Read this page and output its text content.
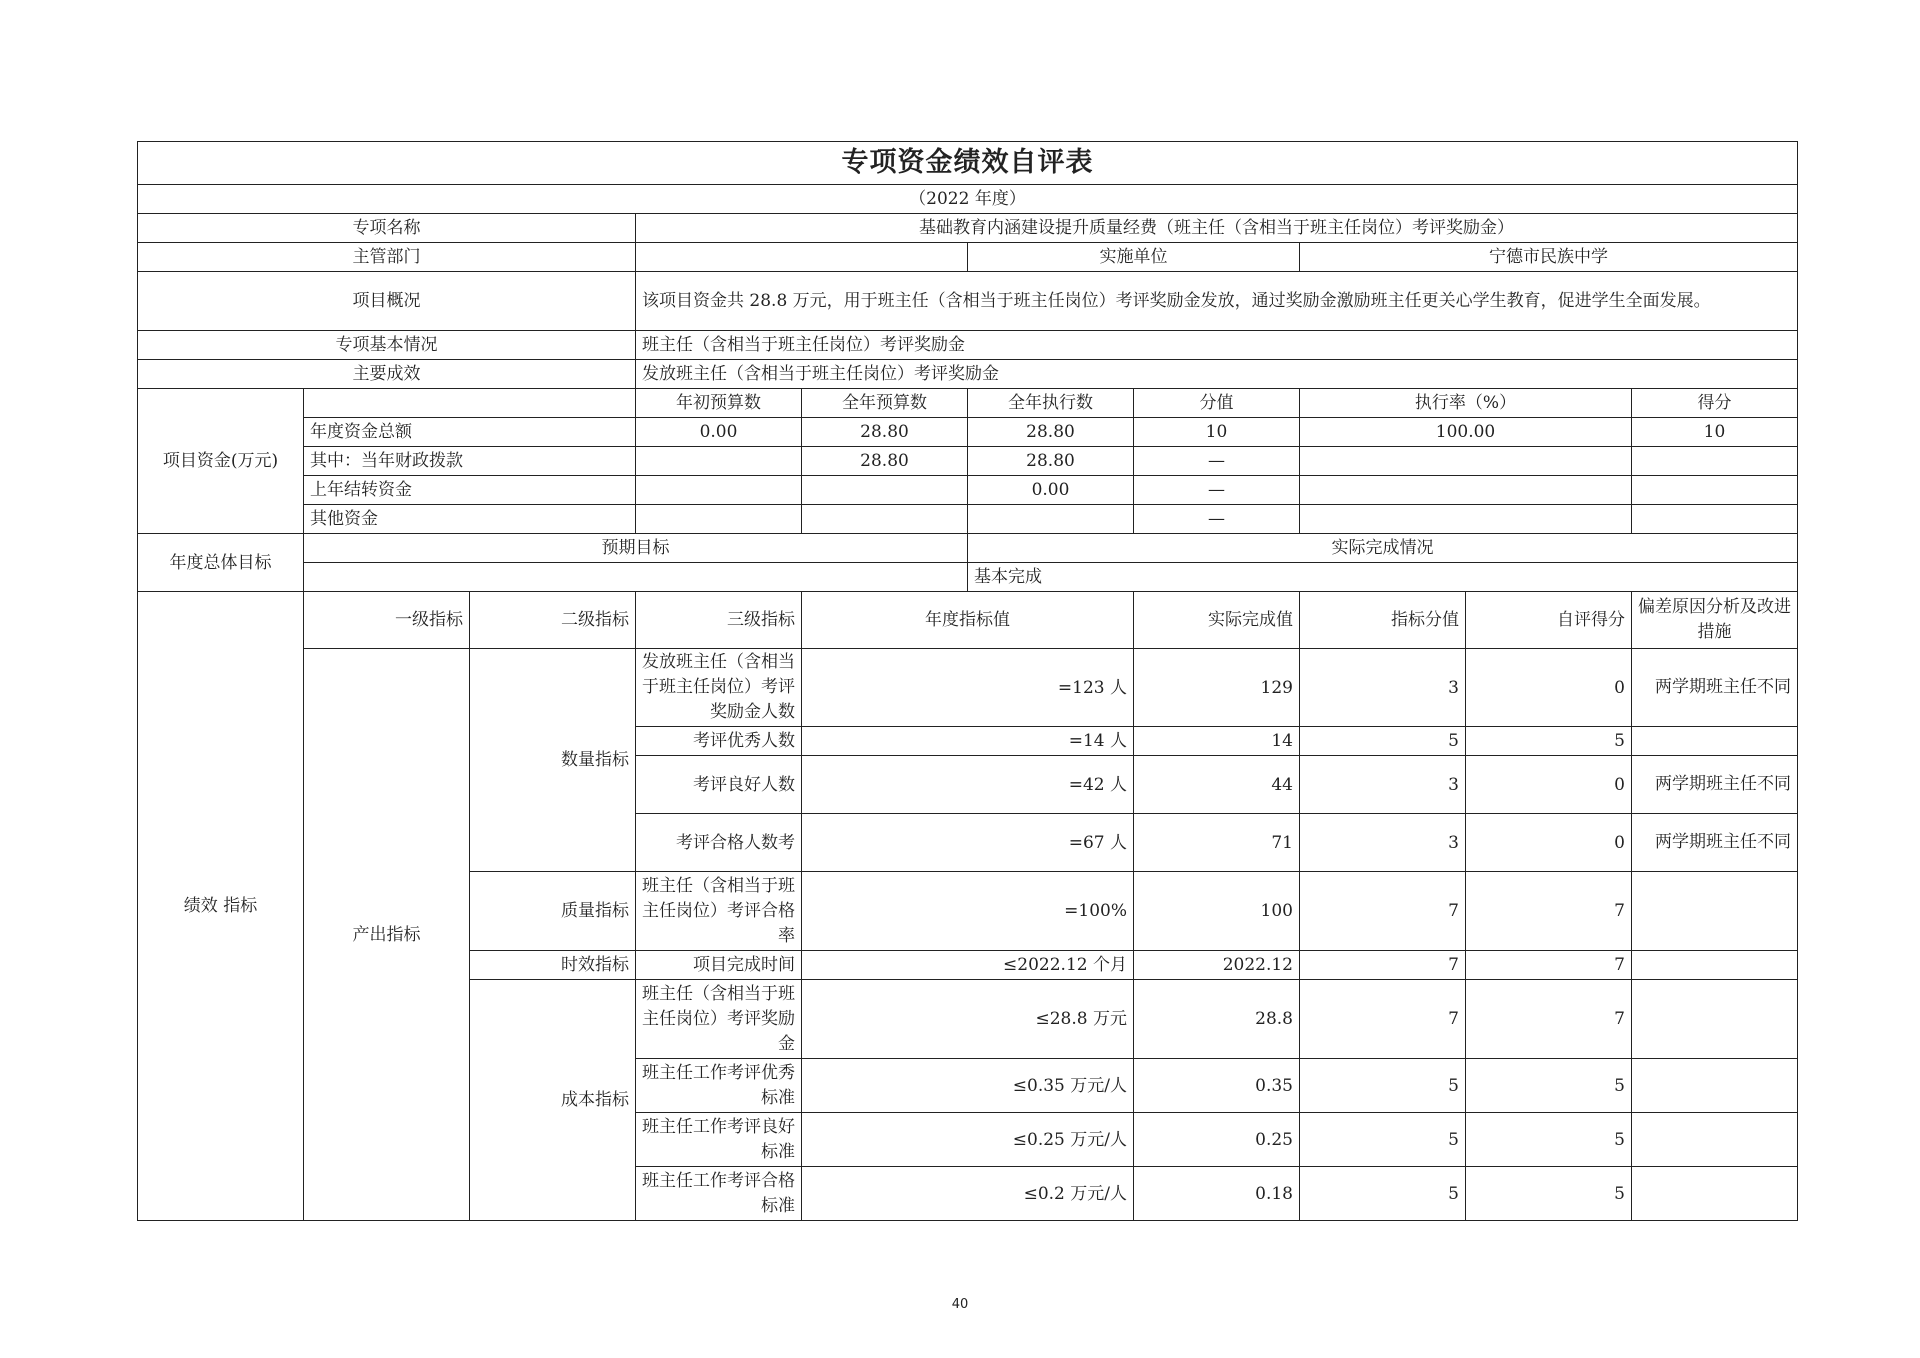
专项资金绩效自评表									
（2022 年度）									
专项名称			基础教育内涵建设提升质量经费（班主任（含相当于班主任岗位）考评奖励金）						
主管部门					实施单位		宁德市民族中学		
项目概况			该项目资金共 28.8 万元，用于班主任（含相当于班主任岗位）考评奖励金发放，通过奖励金激励班主任更关心学生教育，促进学生全面发展。						
专项基本情况			班主任（含相当于班主任岗位）考评奖励金						
主要成效			发放班主任（含相当于班主任岗位）考评奖励金						
项目资金(万元)			年初预算数	全年预算数	全年执行数	分值	执行率（%）		得分
	年度资金总额		0.00	28.80	28.80	10	100.00		10
	其中：当年财政拨款			28.80	28.80	—			
	上年结转资金				0.00	—			
	其他资金					—			
年度总体目标	预期目标				实际完成情况				
					基本完成				
绩效 指标	一级指标	二级指标	三级指标	年度指标值		实际完成值	指标分值	自评得分	偏差原因分析及改进措施
	产出指标	数量指标	发放班主任（含相当于班主任岗位）考评奖励金人数	=123 人		129	3	0	两学期班主任不同
			考评优秀人数	=14 人		14	5	5	
			考评良好人数	=42 人		44	3	0	两学期班主任不同
			考评合格人数考	=67 人		71	3	0	两学期班主任不同
		质量指标	班主任（含相当于班主任岗位）考评合格率	=100%		100	7	7	
		时效指标	项目完成时间	≤2022.12 个月		2022.12	7	7	
		成本指标	班主任（含相当于班主任岗位）考评奖励金	≤28.8 万元		28.8	7	7	
			班主任工作考评优秀标准	≤0.35 万元/人		0.35	5	5	
			班主任工作考评良好标准	≤0.25 万元/人		0.25	5	5	
			班主任工作考评合格标准	≤0.2 万元/人		0.18	5	5	
40
